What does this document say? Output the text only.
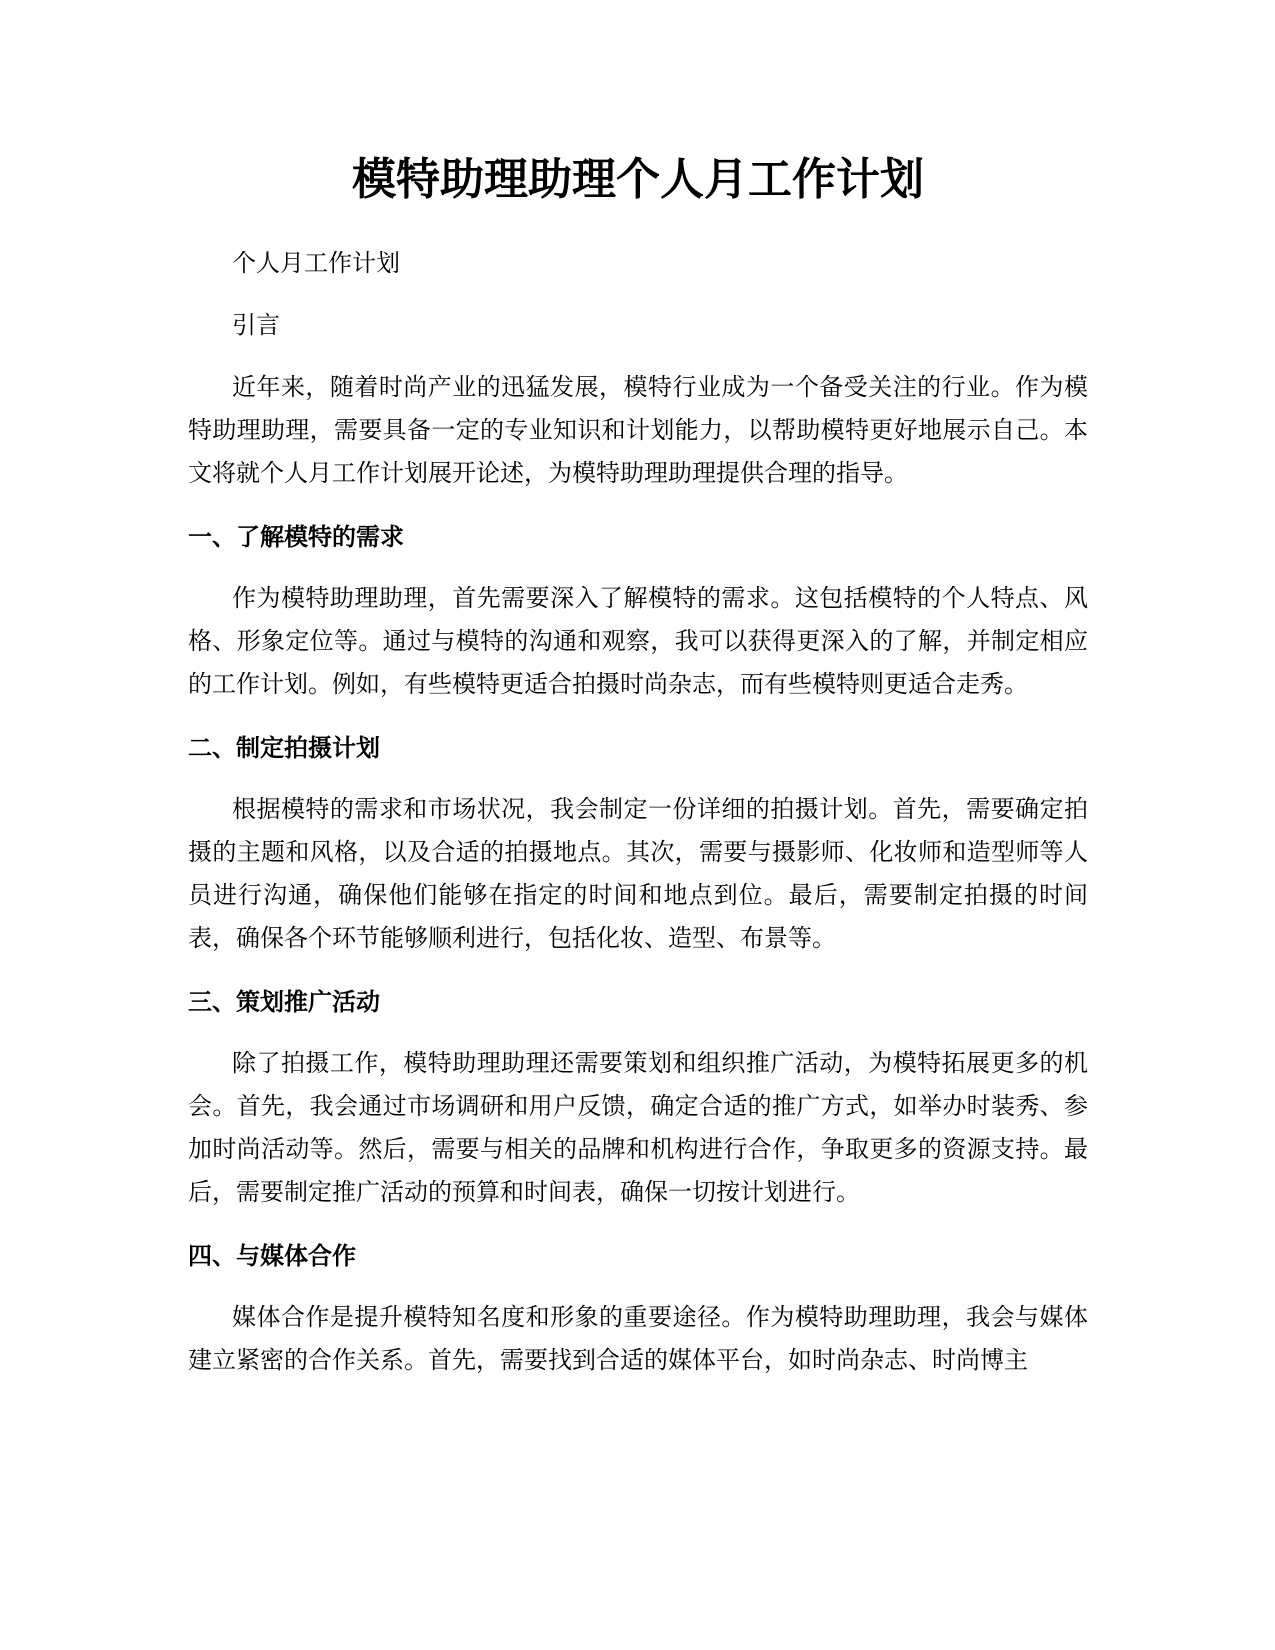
模特助理助理个人月工作计划

个人月工作计划

引言

近年来，随着时尚产业的迅猛发展，模特行业成为一个备受关注的行业。作为模特助理助理，需要具备一定的专业知识和计划能力，以帮助模特更好地展示自己。本文将就个人月工作计划展开论述，为模特助理助理提供合理的指导。

一、了解模特的需求

作为模特助理助理，首先需要深入了解模特的需求。这包括模特的个人特点、风格、形象定位等。通过与模特的沟通和观察，我可以获得更深入的了解，并制定相应的工作计划。例如，有些模特更适合拍摄时尚杂志，而有些模特则更适合走秀。

二、制定拍摄计划

根据模特的需求和市场状况，我会制定一份详细的拍摄计划。首先，需要确定拍摄的主题和风格，以及合适的拍摄地点。其次，需要与摄影师、化妆师和造型师等人员进行沟通，确保他们能够在指定的时间和地点到位。最后，需要制定拍摄的时间表，确保各个环节能够顺利进行，包括化妆、造型、布景等。

三、策划推广活动

除了拍摄工作，模特助理助理还需要策划和组织推广活动，为模特拓展更多的机会。首先，我会通过市场调研和用户反馈，确定合适的推广方式，如举办时装秀、参加时尚活动等。然后，需要与相关的品牌和机构进行合作，争取更多的资源支持。最后，需要制定推广活动的预算和时间表，确保一切按计划进行。

四、与媒体合作

媒体合作是提升模特知名度和形象的重要途径。作为模特助理助理，我会与媒体建立紧密的合作关系。首先，需要找到合适的媒体平台，如时尚杂志、时尚博主
